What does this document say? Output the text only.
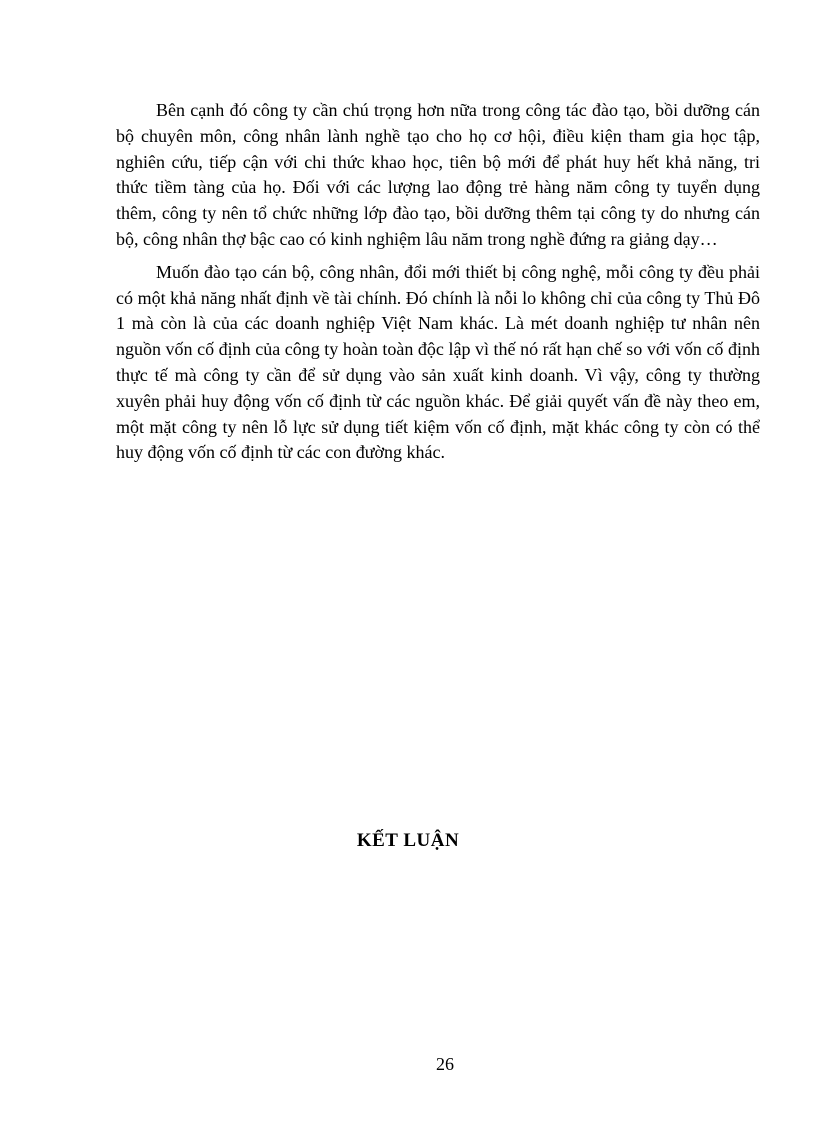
Bên cạnh đó công ty cần chú trọng hơn nữa trong công tác đào tạo, bồi dưỡng cán bộ chuyên môn, công nhân lành nghề tạo cho họ cơ hội, điều kiện tham gia học tập, nghiên cứu, tiếp cận với chi thức khao học, tiên bộ mới để phát huy hết khả năng, tri thức tiềm tàng của họ. Đối với các lượng lao động trẻ hàng năm công ty tuyển dụng thêm, công ty nên tổ chức những lớp đào tạo, bồi dưỡng thêm tại công ty do nhưng cán bộ, công nhân thợ bậc cao có kinh nghiệm lâu năm trong nghề đứng ra giảng dạy…

Muốn đào tạo cán bộ, công nhân, đổi mới thiết bị công nghệ, mỗi công ty đều phải có một khả năng nhất định về tài chính. Đó chính là nỗi lo không chỉ của công ty Thủ Đô 1 mà còn là của các doanh nghiệp Việt Nam khác. Là mét doanh nghiệp tư nhân nên nguồn vốn cố định của công ty hoàn toàn độc lập vì thế nó rất hạn chế so với vốn cố định thực tế mà công ty cần để sử dụng vào sản xuất kinh doanh. Vì vậy, công ty thường xuyên phải huy động vốn cố định từ các nguồn khác. Để giải quyết vấn đề này theo em, một mặt công ty nên lỗ lực sử dụng tiết kiệm vốn cố định, mặt khác công ty còn có thể huy động vốn cố định từ các con đường khác.

KẾT LUẬN
26
